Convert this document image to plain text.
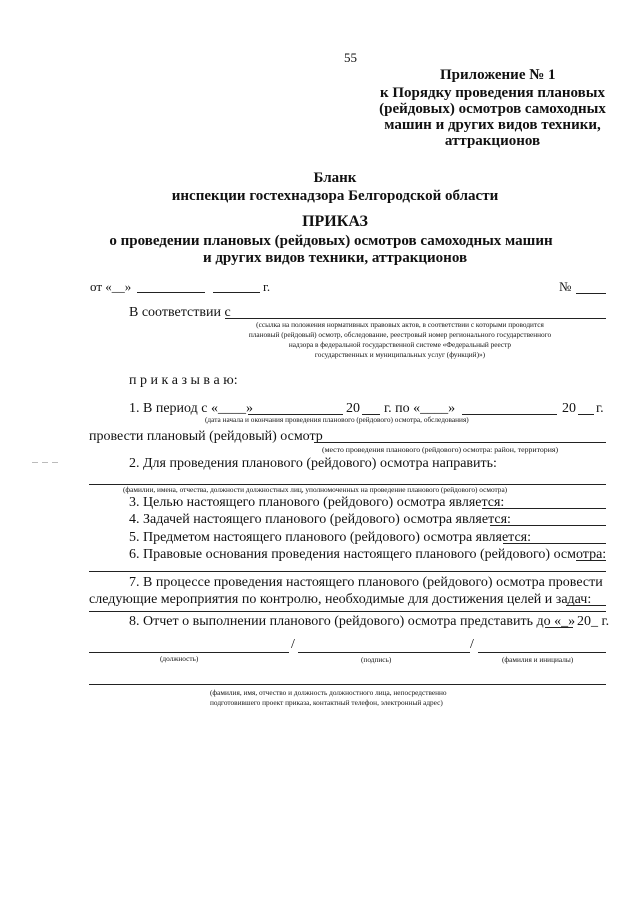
55
Приложение № 1
к Порядку проведения плановых
(рейдовых) осмотров самоходных
машин и других видов техники,
аттракционов
Бланк
инспекции гостехнадзора Белгородской области
ПРИКАЗ
о проведении плановых (рейдовых) осмотров самоходных машин
и других видов техники, аттракционов
от «__»	г.	№
В соответствии с
(ссылка на положения нормативных правовых актов, в соответствии с которыми проводится
плановый (рейдовый) осмотр, обследование, реестровый номер регионального государственного
надзора в федеральной государственной системе «Федеральный реестр
государственных и муниципальных услуг (функций)»)
п р и к а з ы в а ю:
1. В период с «____»	20 г. по «____»	20 г.
(дата начала и окончания проведения планового (рейдового) осмотра, обследования)
провести плановый (рейдовый) осмотр
(место проведения планового (рейдового) осмотра: район, территория)
2. Для проведения планового (рейдового) осмотра направить:
(фамилии, имена, отчества, должности должностных лиц, уполномоченных на проведение планового (рейдового) осмотра)
3. Целью настоящего планового (рейдового) осмотра является:
4. Задачей настоящего планового (рейдового) осмотра является:
5. Предметом настоящего планового (рейдового) осмотра является:
6. Правовые основания проведения настоящего планового (рейдового) осмотра:
7. В процессе проведения настоящего планового (рейдового) осмотра провести
следующие мероприятия по контролю, необходимые для достижения целей и задач:
8. Отчет о выполнении планового (рейдового) осмотра представить до «_» 20_ г.
/	/
(должность)	(подпись)	(фамилия и инициалы)
(фамилия, имя, отчество и должность должностного лица, непосредственно
подготовившего проект приказа, контактный телефон, электронный адрес)
